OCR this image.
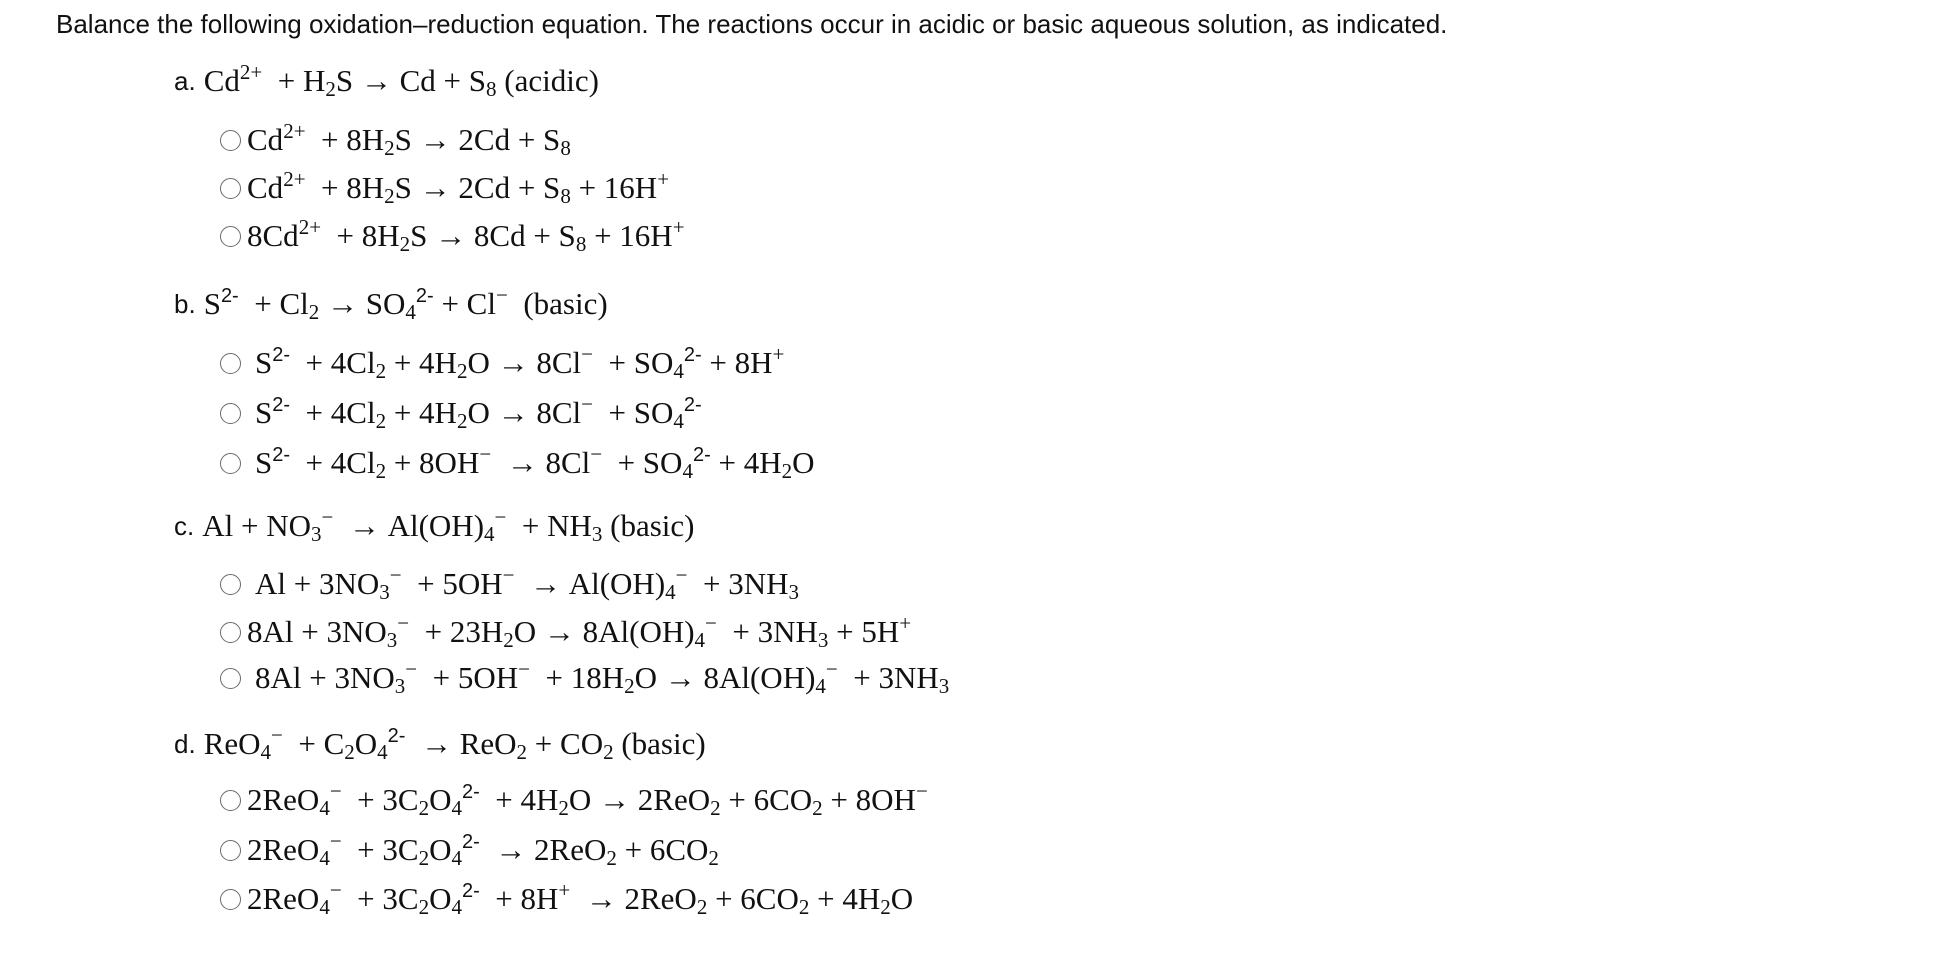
Balance the following oxidation–reduction equation. The reactions occur in acidic or basic aqueous solution, as indicated.
a. $Cd^{2+} + H_2S \to Cd + S_8$ (acidic)
$Cd^{2+} + 8H_2S \to 2Cd + S_8$
$Cd^{2+} + 8H_2S \to 2Cd + S_8 + 16H^+$
$8Cd^{2+} + 8H_2S \to 8Cd + S_8 + 16H^+$
b. $S^{2-} + Cl_2 \to SO_4^{2-} + Cl^-$  (basic)
$S^{2-} + 4Cl_2 + 4H_2O \to 8Cl^- + SO_4^{2-} + 8H^+$
$S^{2-} + 4Cl_2 + 4H_2O \to 8Cl^- + SO_4^{2-}$
$S^{2-} + 4Cl_2 + 8OH^- \to 8Cl^- + SO_4^{2-} + 4H_2O$
c. $Al + NO_3^- \to Al(OH)_4^- + NH_3$ (basic)
$Al + 3NO_3^- + 5OH^- \to Al(OH)_4^- + 3NH_3$
$8Al + 3NO_3^- + 23H_2O \to 8Al(OH)_4^- + 3NH_3 + 5H^+$
$8Al + 3NO_3^- + 5OH^- + 18H_2O \to 8Al(OH)_4^- + 3NH_3$
d. $ReO_4^- + C_2O_4^{2-} \to ReO_2 + CO_2$ (basic)
$2ReO_4^- + 3C_2O_4^{2-} + 4H_2O \to 2ReO_2 + 6CO_2 + 8OH^-$
$2ReO_4^- + 3C_2O_4^{2-} \to 2ReO_2 + 6CO_2$
$2ReO_4^- + 3C_2O_4^{2-} + 8H^+ \to 2ReO_2 + 6CO_2 + 4H_2O$
